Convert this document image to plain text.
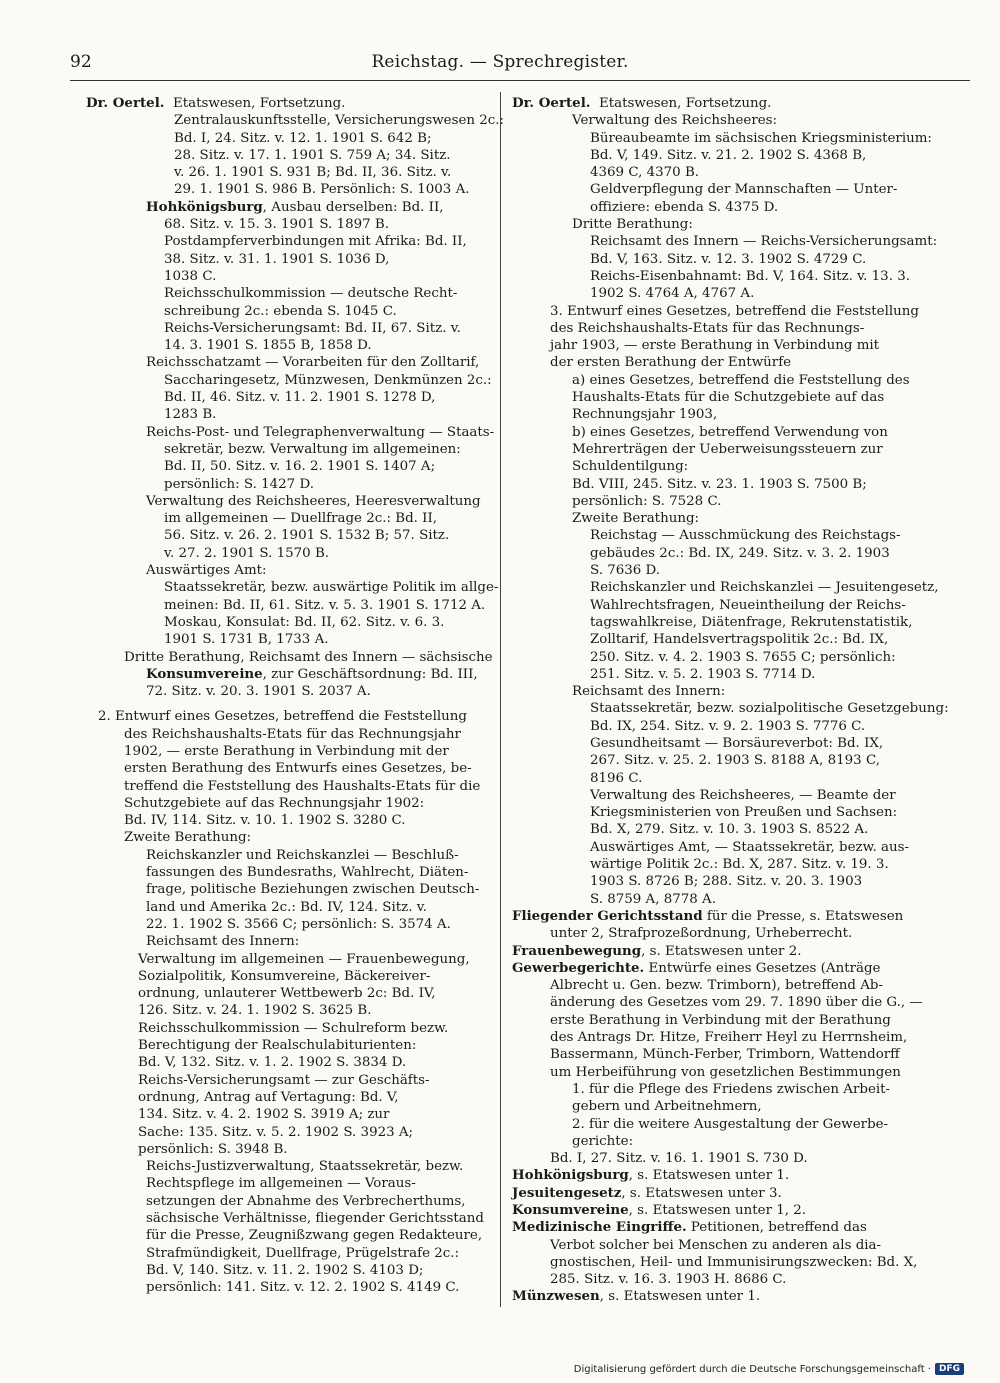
92	Reichstag. — Sprechregister.
Dr. Oertel.  Etatswesen, Fortsetzung.
Zentralauskunftsstelle, Versicherungswesen 2c.:
Bd. I, 24. Sitz. v. 12. 1. 1901 S. 642 B;
28. Sitz. v. 17. 1. 1901 S. 759 A; 34. Sitz.
v. 26. 1. 1901 S. 931 B; Bd. II, 36. Sitz. v.
29. 1. 1901 S. 986 B. Persönlich: S. 1003 A.
Hohkönigsburg, Ausbau derselben: Bd. II,
68. Sitz. v. 15. 3. 1901 S. 1897 B.
Postdampferverbindungen mit Afrika: Bd. II,
38. Sitz. v. 31. 1. 1901 S. 1036 D,
1038 C.
Reichsschulkommission — deutsche Recht-
schreibung 2c.: ebenda S. 1045 C.
Reichs-Versicherungsamt: Bd. II, 67. Sitz. v.
14. 3. 1901 S. 1855 B, 1858 D.
Reichsschatzamt — Vorarbeiten für den Zolltarif,
Saccharingesetz, Münzwesen, Denkmünzen 2c.:
Bd. II, 46. Sitz. v. 11. 2. 1901 S. 1278 D,
1283 B.
Reichs-Post- und Telegraphenverwaltung — Staats-
sekretär, bezw. Verwaltung im allgemeinen:
Bd. II, 50. Sitz. v. 16. 2. 1901 S. 1407 A;
persönlich: S. 1427 D.
Verwaltung des Reichsheeres, Heeresverwaltung
im allgemeinen — Duellfrage 2c.: Bd. II,
56. Sitz. v. 26. 2. 1901 S. 1532 B; 57. Sitz.
v. 27. 2. 1901 S. 1570 B.
Auswärtiges Amt:
Staatssekretär, bezw. auswärtige Politik im allge-
meinen: Bd. II, 61. Sitz. v. 5. 3. 1901 S. 1712 A.
Moskau, Konsulat: Bd. II, 62. Sitz. v. 6. 3.
1901 S. 1731 B, 1733 A.
Dritte Berathung, Reichsamt des Innern — sächsische
Konsumvereine, zur Geschäftsordnung: Bd. III,
72. Sitz. v. 20. 3. 1901 S. 2037 A.
2. Entwurf eines Gesetzes, betreffend die Feststellung
des Reichshaushalts-Etats für das Rechnungsjahr
1902, — erste Berathung in Verbindung mit der
ersten Berathung des Entwurfs eines Gesetzes, be-
treffend die Feststellung des Haushalts-Etats für die
Schutzgebiete auf das Rechnungsjahr 1902:
Bd. IV, 114. Sitz. v. 10. 1. 1902 S. 3280 C.
Zweite Berathung:
Reichskanzler und Reichskanzlei — Beschluß-
fassungen des Bundesraths, Wahlrecht, Diäten-
frage, politische Beziehungen zwischen Deutsch-
land und Amerika 2c.: Bd. IV, 124. Sitz. v.
22. 1. 1902 S. 3566 C; persönlich: S. 3574 A.
Reichsamt des Innern:
Verwaltung im allgemeinen — Frauenbewegung,
Sozialpolitik, Konsumvereine, Bäckereiver-
ordnung, unlauterer Wettbewerb 2c: Bd. IV,
126. Sitz. v. 24. 1. 1902 S. 3625 B.
Reichsschulkommission — Schulreform bezw.
Berechtigung der Realschulabiturienten:
Bd. V, 132. Sitz. v. 1. 2. 1902 S. 3834 D.
Reichs-Versicherungsamt — zur Geschäfts-
ordnung, Antrag auf Vertagung: Bd. V,
134. Sitz. v. 4. 2. 1902 S. 3919 A; zur
Sache: 135. Sitz. v. 5. 2. 1902 S. 3923 A;
persönlich: S. 3948 B.
Reichs-Justizverwaltung, Staatssekretär, bezw.
Rechtspflege im allgemeinen — Voraus-
setzungen der Abnahme des Verbrecherthums,
sächsische Verhältnisse, fliegender Gerichtsstand
für die Presse, Zeugnißzwang gegen Redakteure,
Strafmündigkeit, Duellfrage, Prügelstrafe 2c.:
Bd. V, 140. Sitz. v. 11. 2. 1902 S. 4103 D;
persönlich: 141. Sitz. v. 12. 2. 1902 S. 4149 C.
Dr. Oertel.  Etatswesen, Fortsetzung.
Verwaltung des Reichsheeres:
Büreaubeamte im sächsischen Kriegsministerium:
Bd. V, 149. Sitz. v. 21. 2. 1902 S. 4368 B,
4369 C, 4370 B.
Geldverpflegung der Mannschaften — Unter-
offiziere: ebenda S. 4375 D.
Dritte Berathung:
Reichsamt des Innern — Reichs-Versicherungsamt:
Bd. V, 163. Sitz. v. 12. 3. 1902 S. 4729 C.
Reichs-Eisenbahnamt: Bd. V, 164. Sitz. v. 13. 3.
1902 S. 4764 A, 4767 A.
3. Entwurf eines Gesetzes, betreffend die Feststellung
des Reichshaushalts-Etats für das Rechnungs-
jahr 1903, — erste Berathung in Verbindung mit
der ersten Berathung der Entwürfe
a) eines Gesetzes, betreffend die Feststellung des
Haushalts-Etats für die Schutzgebiete auf das
Rechnungsjahr 1903,
b) eines Gesetzes, betreffend Verwendung von
Mehrerträgen der Ueberweisungssteuern zur
Schuldentilgung:
Bd. VIII, 245. Sitz. v. 23. 1. 1903 S. 7500 B;
persönlich: S. 7528 C.
Zweite Berathung:
Reichstag — Ausschmückung des Reichstags-
gebäudes 2c.: Bd. IX, 249. Sitz. v. 3. 2. 1903
S. 7636 D.
Reichskanzler und Reichskanzlei — Jesuitengesetz,
Wahlrechtsfragen, Neueintheilung der Reichs-
tagswahlkreise, Diätenfrage, Rekrutenstatistik,
Zolltarif, Handelsvertragspolitik 2c.: Bd. IX,
250. Sitz. v. 4. 2. 1903 S. 7655 C; persönlich:
251. Sitz. v. 5. 2. 1903 S. 7714 D.
Reichsamt des Innern:
Staatssekretär, bezw. sozialpolitische Gesetzgebung:
Bd. IX, 254. Sitz. v. 9. 2. 1903 S. 7776 C.
Gesundheitsamt — Borsäureverbot: Bd. IX,
267. Sitz. v. 25. 2. 1903 S. 8188 A, 8193 C,
8196 C.
Verwaltung des Reichsheeres, — Beamte der
Kriegsministerien von Preußen und Sachsen:
Bd. X, 279. Sitz. v. 10. 3. 1903 S. 8522 A.
Auswärtiges Amt, — Staatssekretär, bezw. aus-
wärtige Politik 2c.: Bd. X, 287. Sitz. v. 19. 3.
1903 S. 8726 B; 288. Sitz. v. 20. 3. 1903
S. 8759 A, 8778 A.
Fliegender Gerichtsstand für die Presse, s. Etatswesen
unter 2, Strafprozeßordnung, Urheberrecht.
Frauenbewegung, s. Etatswesen unter 2.
Gewerbegerichte. Entwürfe eines Gesetzes (Anträge
Albrecht u. Gen. bezw. Trimborn), betreffend Ab-
änderung des Gesetzes vom 29. 7. 1890 über die G., —
erste Berathung in Verbindung mit der Berathung
des Antrags Dr. Hitze, Freiherr Heyl zu Herrnsheim,
Bassermann, Münch-Ferber, Trimborn, Wattendorff
um Herbeiführung von gesetzlichen Bestimmungen
1. für die Pflege des Friedens zwischen Arbeit-
gebern und Arbeitnehmern,
2. für die weitere Ausgestaltung der Gewerbe-
gerichte:
Bd. I, 27. Sitz. v. 16. 1. 1901 S. 730 D.
Hohkönigsburg, s. Etatswesen unter 1.
Jesuitengesetz, s. Etatswesen unter 3.
Konsumvereine, s. Etatswesen unter 1, 2.
Medizinische Eingriffe. Petitionen, betreffend das
Verbot solcher bei Menschen zu anderen als dia-
gnostischen, Heil- und Immunisirungszwecken: Bd. X,
285. Sitz. v. 16. 3. 1903 H. 8686 C.
Münzwesen, s. Etatswesen unter 1.
Digitalisierung gefördert durch die Deutsche Forschungsgemeinschaft · DFG
